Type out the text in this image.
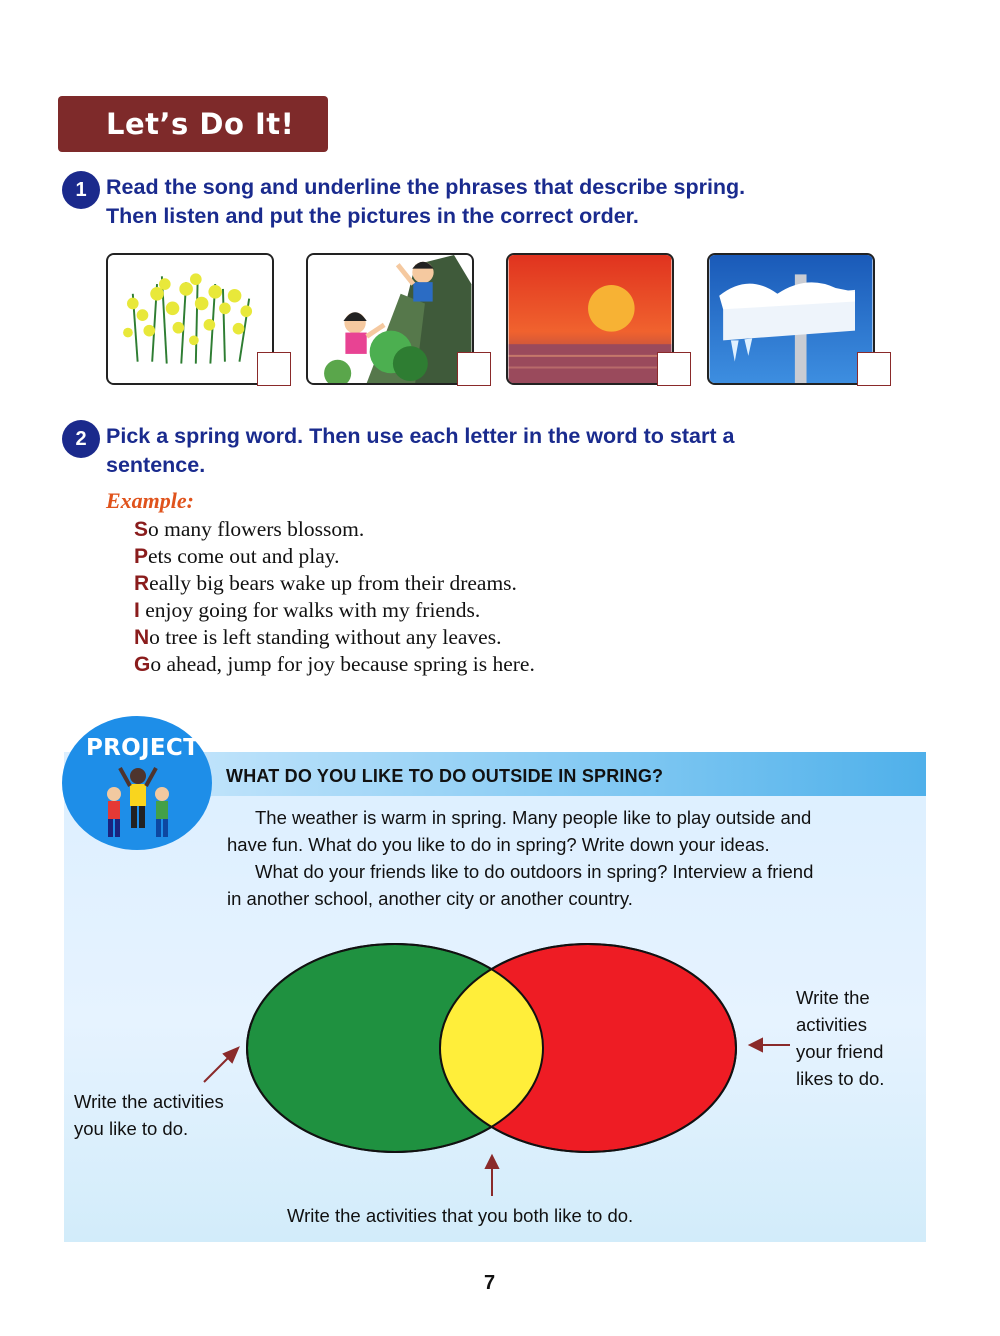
Let’s Do It!
1 Read the song and underline the phrases that describe spring.
Then listen and put the pictures in the correct order.
2 Pick a spring word. Then use each letter in the word to start a
sentence.
Example:
So many flowers blossom.
Pets come out and play.
Really big bears wake up from their dreams.
I enjoy going for walks with my friends.
No tree is left standing without any leaves.
Go ahead, jump for joy because spring is here.
WHAT DO YOU LIKE TO DO OUTSIDE IN SPRING?
PROJECT
The weather is warm in spring. Many people like to play outside and
have fun. What do you like to do in spring? Write down your ideas.
What do your friends like to do outdoors in spring? Interview a friend
in another school, another city or another country.
Write the activities
you like to do.
Write the
activities
your friend
likes to do.
Write the activities that you both like to do.
7
